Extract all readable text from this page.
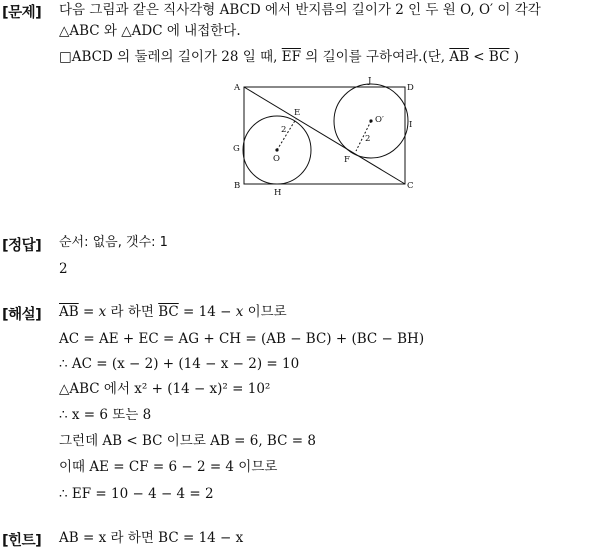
[문제] 다음 그림과 같은 직사각형 ABCD 에서 반지름의 길이가 2 인 두 원 O, O′ 이 각각
△ABC 와 △ADC 에 내접한다.
□ABCD 의 둘레의 길이가 28 일 때, $\overline{EF}$ 의 길이를 구하여라.(단, $\overline{AB} < \overline{BC}$ )
A
B	C
D
E
F
G
H
I
J
O
O′
2
2
[정답] 순서: 없음, 갯수: 1
2
[해설] $\overline{AB} = x$ 라 하면 $\overline{BC} = 14 - x$ 이므로
AC = AE + EC = AG + CH = (AB − BC) + (BC − BH)
∴ AC = (x − 2) + (14 − x − 2) = 10
△ABC 에서 x² + (14 − x)² = 10²
∴ x = 6 또는 8
그런데 AB < BC 이므로 AB = 6, BC = 8
이때 AE = CF = 6 − 2 = 4 이므로
∴ EF = 10 − 4 − 4 = 2
[힌트] AB = x 라 하면 BC = 14 − x
